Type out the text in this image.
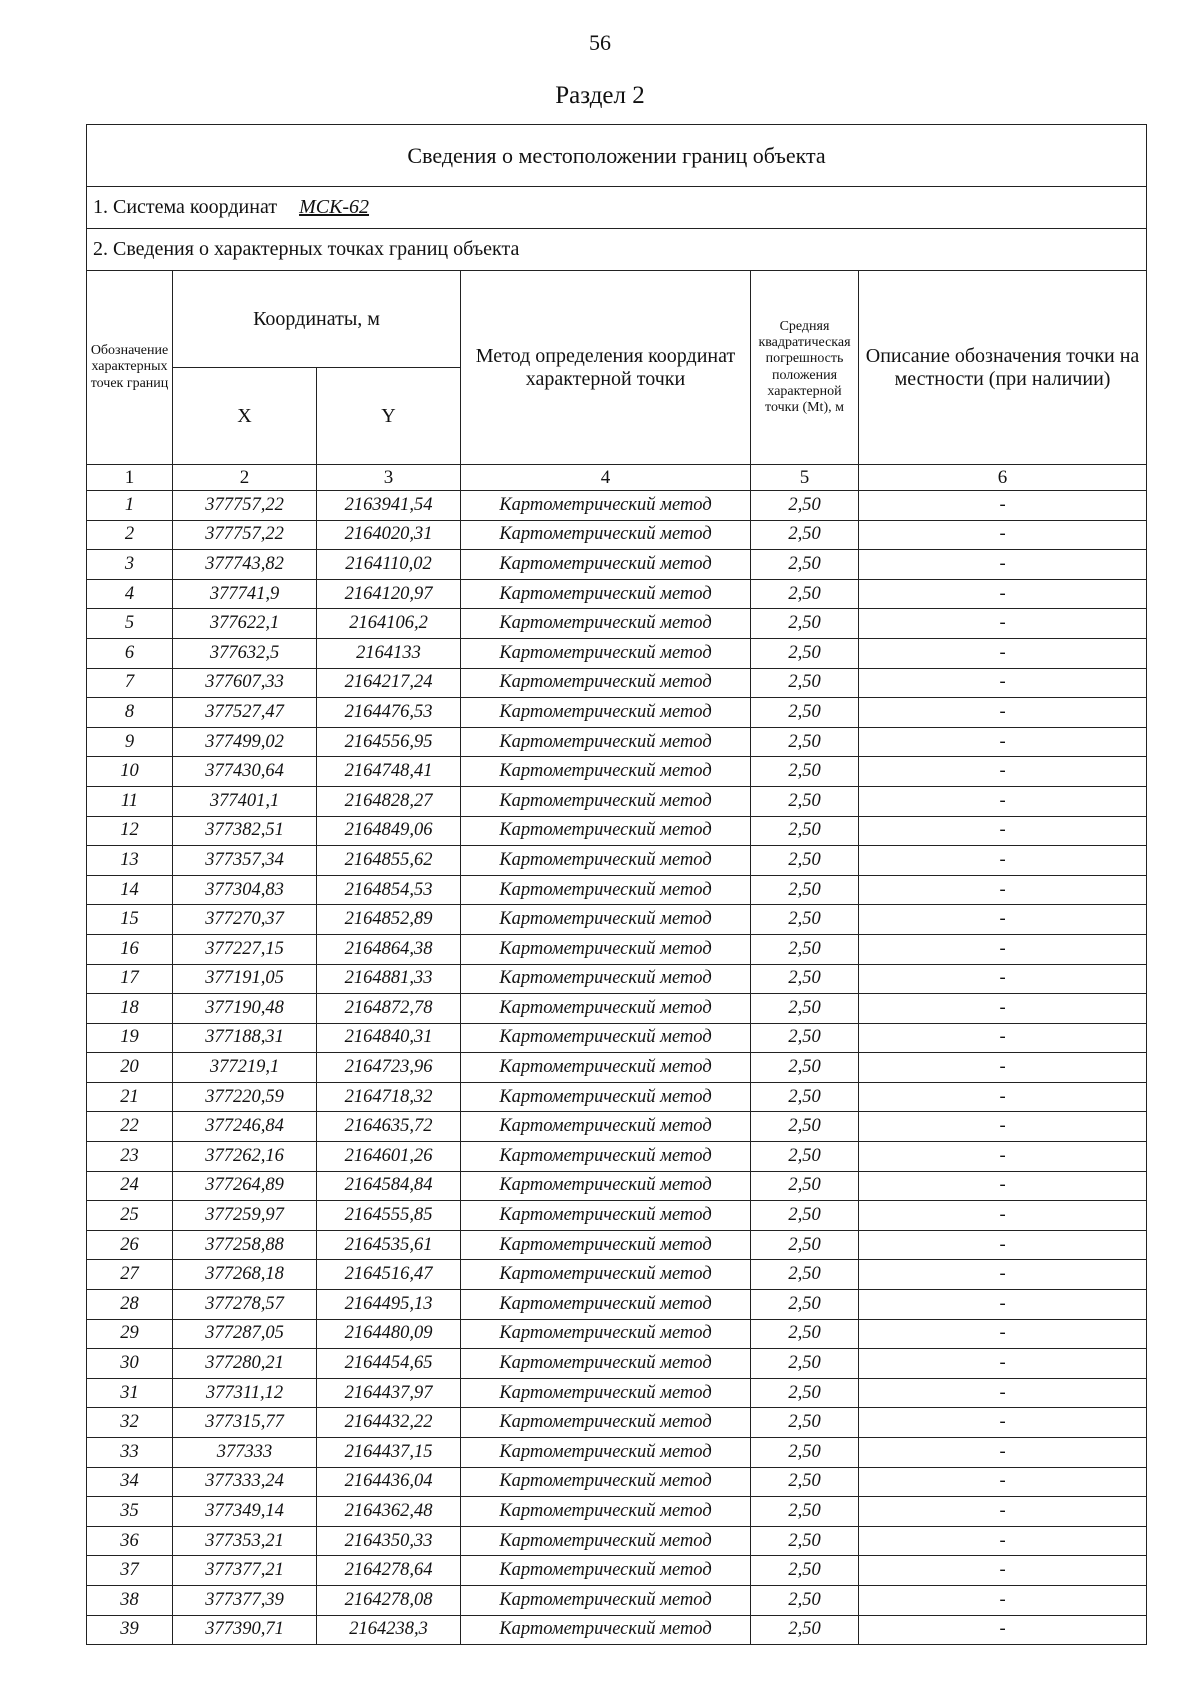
56
Раздел 2
Сведения о местоположении границ объекта					
1. Система координат МСК-62					
2. Сведения о характерных точках границ объекта					
Обозначение характерных точек границ	Координаты, м		Метод определения координат характерной точки	Средняя квадратическая погрешность положения характерной точки (Mt), м	Описание обозначения точки на местности (при наличии)
	X	Y			
1	2	3	4	5	6
1	377757,22	2163941,54	Картометрический метод	2,50	-
2	377757,22	2164020,31	Картометрический метод	2,50	-
3	377743,82	2164110,02	Картометрический метод	2,50	-
4	377741,9	2164120,97	Картометрический метод	2,50	-
5	377622,1	2164106,2	Картометрический метод	2,50	-
6	377632,5	2164133	Картометрический метод	2,50	-
7	377607,33	2164217,24	Картометрический метод	2,50	-
8	377527,47	2164476,53	Картометрический метод	2,50	-
9	377499,02	2164556,95	Картометрический метод	2,50	-
10	377430,64	2164748,41	Картометрический метод	2,50	-
11	377401,1	2164828,27	Картометрический метод	2,50	-
12	377382,51	2164849,06	Картометрический метод	2,50	-
13	377357,34	2164855,62	Картометрический метод	2,50	-
14	377304,83	2164854,53	Картометрический метод	2,50	-
15	377270,37	2164852,89	Картометрический метод	2,50	-
16	377227,15	2164864,38	Картометрический метод	2,50	-
17	377191,05	2164881,33	Картометрический метод	2,50	-
18	377190,48	2164872,78	Картометрический метод	2,50	-
19	377188,31	2164840,31	Картометрический метод	2,50	-
20	377219,1	2164723,96	Картометрический метод	2,50	-
21	377220,59	2164718,32	Картометрический метод	2,50	-
22	377246,84	2164635,72	Картометрический метод	2,50	-
23	377262,16	2164601,26	Картометрический метод	2,50	-
24	377264,89	2164584,84	Картометрический метод	2,50	-
25	377259,97	2164555,85	Картометрический метод	2,50	-
26	377258,88	2164535,61	Картометрический метод	2,50	-
27	377268,18	2164516,47	Картометрический метод	2,50	-
28	377278,57	2164495,13	Картометрический метод	2,50	-
29	377287,05	2164480,09	Картометрический метод	2,50	-
30	377280,21	2164454,65	Картометрический метод	2,50	-
31	377311,12	2164437,97	Картометрический метод	2,50	-
32	377315,77	2164432,22	Картометрический метод	2,50	-
33	377333	2164437,15	Картометрический метод	2,50	-
34	377333,24	2164436,04	Картометрический метод	2,50	-
35	377349,14	2164362,48	Картометрический метод	2,50	-
36	377353,21	2164350,33	Картометрический метод	2,50	-
37	377377,21	2164278,64	Картометрический метод	2,50	-
38	377377,39	2164278,08	Картометрический метод	2,50	-
39	377390,71	2164238,3	Картометрический метод	2,50	-
